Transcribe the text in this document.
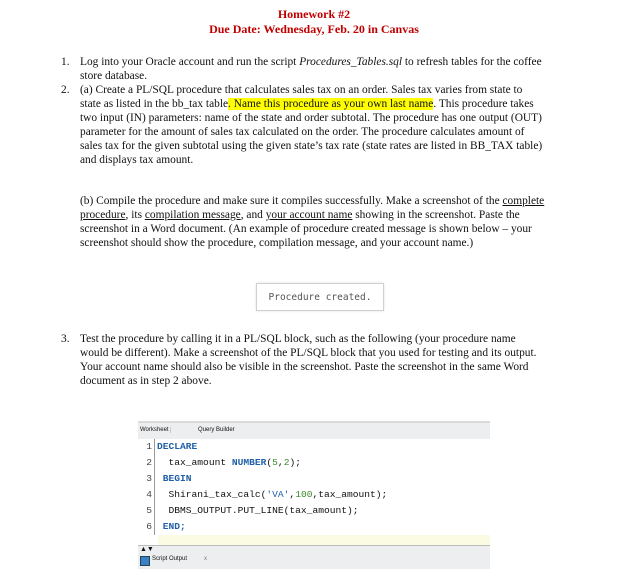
Homework #2
Due Date: Wednesday, Feb. 20 in Canvas
1. Log into your Oracle account and run the script Procedures_Tables.sql to refresh tables for the coffee
store database.
2. (a) Create a PL/SQL procedure that calculates sales tax on an order. Sales tax varies from state to
state as listed in the bb_tax table. Name this procedure as your own last name. This procedure takes
two input (IN) parameters: name of the state and order subtotal. The procedure has one output (OUT)
parameter for the amount of sales tax calculated on the order. The procedure calculates amount of
sales tax for the given subtotal using the given state’s tax rate (state rates are listed in BB_TAX table)
and displays tax amount.
(b) Compile the procedure and make sure it compiles successfully. Make a screenshot of the complete
procedure, its compilation message, and your account name showing in the screenshot. Paste the
screenshot in a Word document. (An example of procedure created message is shown below – your
screenshot should show the procedure, compilation message, and your account name.)
Procedure created.
3. Test the procedure by calling it in a PL/SQL block, such as the following (your procedure name
would be different). Make a screenshot of the PL/SQL block that you used for testing and its output.
Your account name should also be visible in the screenshot. Paste the screenshot in the same Word
document as in step 2 above.
Worksheet	Query Builder
1 DECLARE
2  tax_amount NUMBER(5,2);
3 BEGIN
4  Shirani_tax_calc('VA',100,tax_amount);
5  DBMS_OUTPUT.PUT_LINE(tax_amount);
6 END;
▲▼
Script Output	x
